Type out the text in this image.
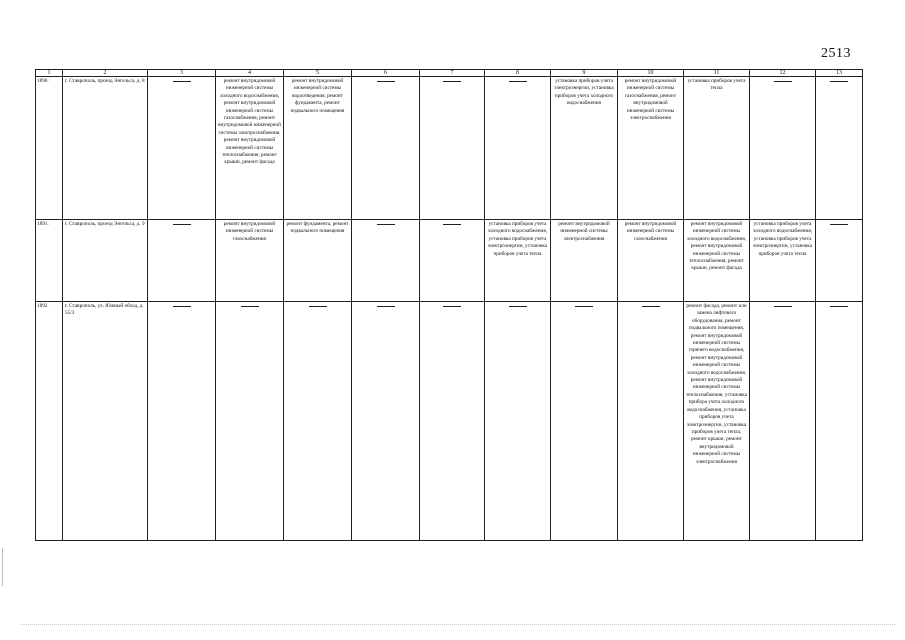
2513
1	2	3	4	5	6	7	8	9	10	11	12	13
1890.	г. Ставрополь, проезд Энгельса, д. 8		ремонт внутридомовой инженерной системы холодного водоснабжения, ремонт внутридомовой инженерной системы газоснабжения, ремонт внутридомовой инженерной системы электроснабжения, ремонт внутридомовой инженерной системы теплоснабжения, ремонт крыши, ремонт фасада	ремонт внутридомовой инженерной системы водоотведения, ремонт фундамента, ремонт подвального помещения				установка приборов учета электроэнергии, установка приборов учета холодного водоснабжения	ремонт внутридомовой инженерной системы газоснабжения, ремонт внутридомовой инженерной системы электроснабжения	установка приборов учета тепла	

1891.	г. Ставрополь, проезд Энгельса, д. 9		ремонт внутридомовой инженерной системы газоснабжения	ремонт фундамента, ремонт подвального помещения			установка приборов учета холодного водоснабжения, установка приборов учета электроэнергии, установка приборов учета тепла	ремонт внутридомовой инженерной системы электроснабжения	ремонт внутридомовой инженерной системы газоснабжения	ремонт внутридомовой инженерной системы холодного водоснабжения, ремонт внутридомовой инженерной системы теплоснабжения, ремонт крыши, ремонт фасада	установка приборов учета холодного водоснабжения, установка приборов учета электроэнергии, установка приборов учета тепла	

1892.	г. Ставрополь, ул. Южный обход, д. 55/3									ремонт фасада, ремонт или замена лифтового оборудования, ремонт подвального помещения, ремонт внутридомовой инженерной системы горячего водоснабжения, ремонт внутридомовой инженерной системы холодного водоснабжения, ремонт внутридомовой инженерной системы теплоснабжения, установка прибора учета холодного водоснабжения, установка приборов учета электроэнергии, установка приборов учета тепла, ремонт крыши, ремонт внутридомовой инженерной системы электроснабжения	
